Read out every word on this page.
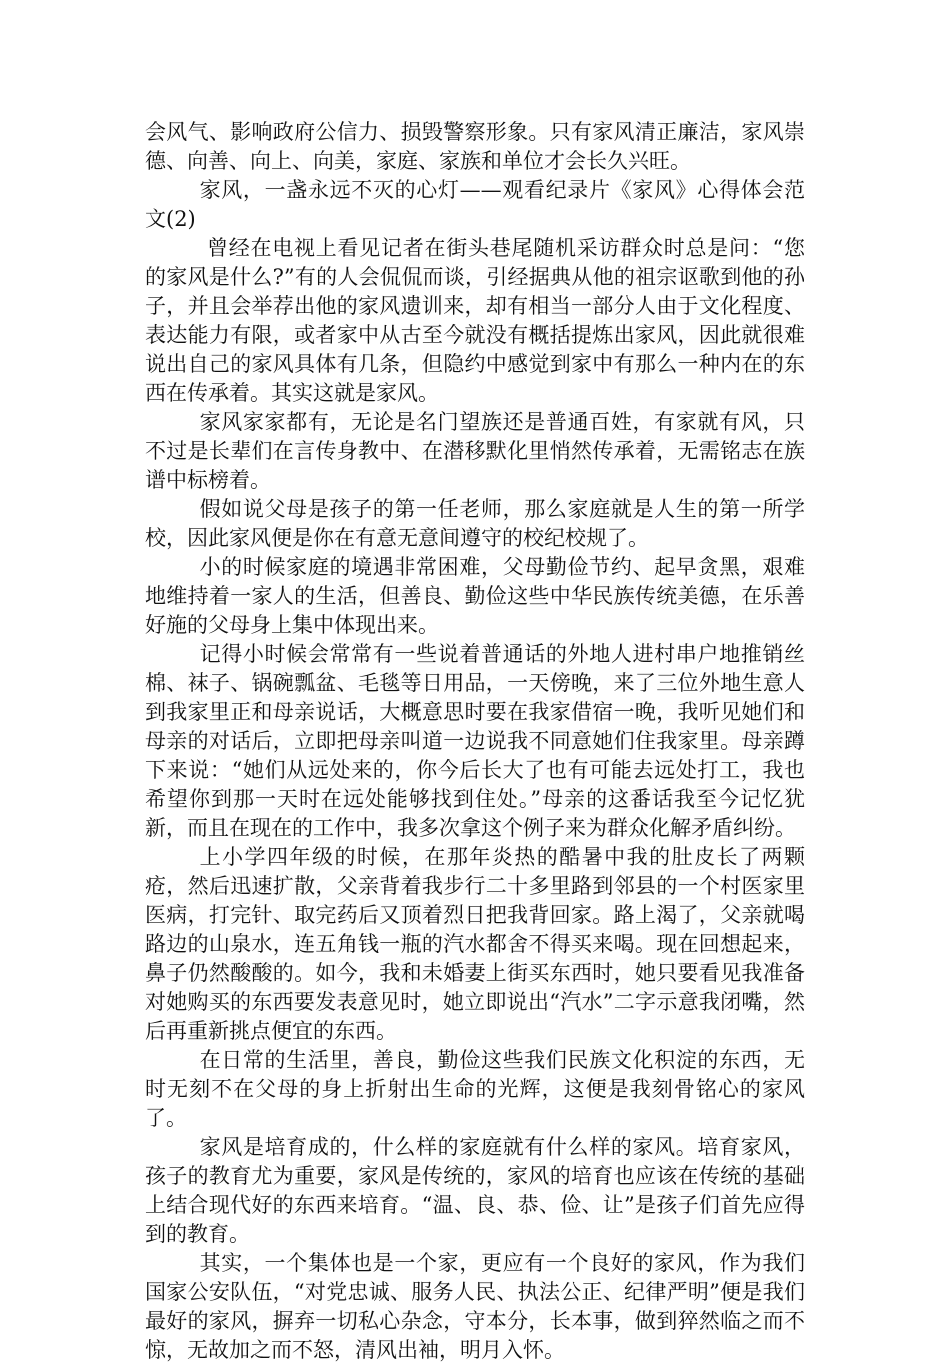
会风气、影响政府公信力、损毁警察形象。只有家风清正廉洁，家风崇德、向善、向上、向美，家庭、家族和单位才会长久兴旺。

家风，一盏永远不灭的心灯——观看纪录片《家风》心得体会范文(2)

曾经在电视上看见记者在街头巷尾随机采访群众时总是问：“您的家风是什么?”有的人会侃侃而谈，引经据典从他的祖宗讴歌到他的孙子，并且会举荐出他的家风遗训来，却有相当一部分人由于文化程度、表达能力有限，或者家中从古至今就没有概括提炼出家风，因此就很难说出自己的家风具体有几条，但隐约中感觉到家中有那么一种内在的东西在传承着。其实这就是家风。

家风家家都有，无论是名门望族还是普通百姓，有家就有风，只不过是长辈们在言传身教中、在潜移默化里悄然传承着，无需铭志在族谱中标榜着。

假如说父母是孩子的第一任老师，那么家庭就是人生的第一所学校，因此家风便是你在有意无意间遵守的校纪校规了。

小的时候家庭的境遇非常困难，父母勤俭节约、起早贪黑，艰难地维持着一家人的生活，但善良、勤俭这些中华民族传统美德，在乐善好施的父母身上集中体现出来。

记得小时候会常常有一些说着普通话的外地人进村串户地推销丝棉、袜子、锅碗瓢盆、毛毯等日用品，一天傍晚，来了三位外地生意人到我家里正和母亲说话，大概意思时要在我家借宿一晚，我听见她们和母亲的对话后，立即把母亲叫道一边说我不同意她们住我家里。母亲蹲下来说：“她们从远处来的，你今后长大了也有可能去远处打工，我也希望你到那一天时在远处能够找到住处。”母亲的这番话我至今记忆犹新，而且在现在的工作中，我多次拿这个例子来为群众化解矛盾纠纷。

上小学四年级的时候，在那年炎热的酷暑中我的肚皮长了两颗疮，然后迅速扩散，父亲背着我步行二十多里路到邻县的一个村医家里医病，打完针、取完药后又顶着烈日把我背回家。路上渴了，父亲就喝路边的山泉水，连五角钱一瓶的汽水都舍不得买来喝。现在回想起来，鼻子仍然酸酸的。如今，我和未婚妻上街买东西时，她只要看见我准备对她购买的东西要发表意见时，她立即说出“汽水”二字示意我闭嘴，然后再重新挑点便宜的东西。

在日常的生活里，善良，勤俭这些我们民族文化积淀的东西，无时无刻不在父母的身上折射出生命的光辉，这便是我刻骨铭心的家风了。

家风是培育成的，什么样的家庭就有什么样的家风。培育家风，孩子的教育尤为重要，家风是传统的，家风的培育也应该在传统的基础上结合现代好的东西来培育。“温、良、恭、俭、让”是孩子们首先应得到的教育。

其实，一个集体也是一个家，更应有一个良好的家风，作为我们国家公安队伍，“对党忠诚、服务人民、执法公正、纪律严明”便是我们最好的家风，摒弃一切私心杂念，守本分，长本事，做到猝然临之而不惊，无故加之而不怒，清风出袖，明月入怀。
